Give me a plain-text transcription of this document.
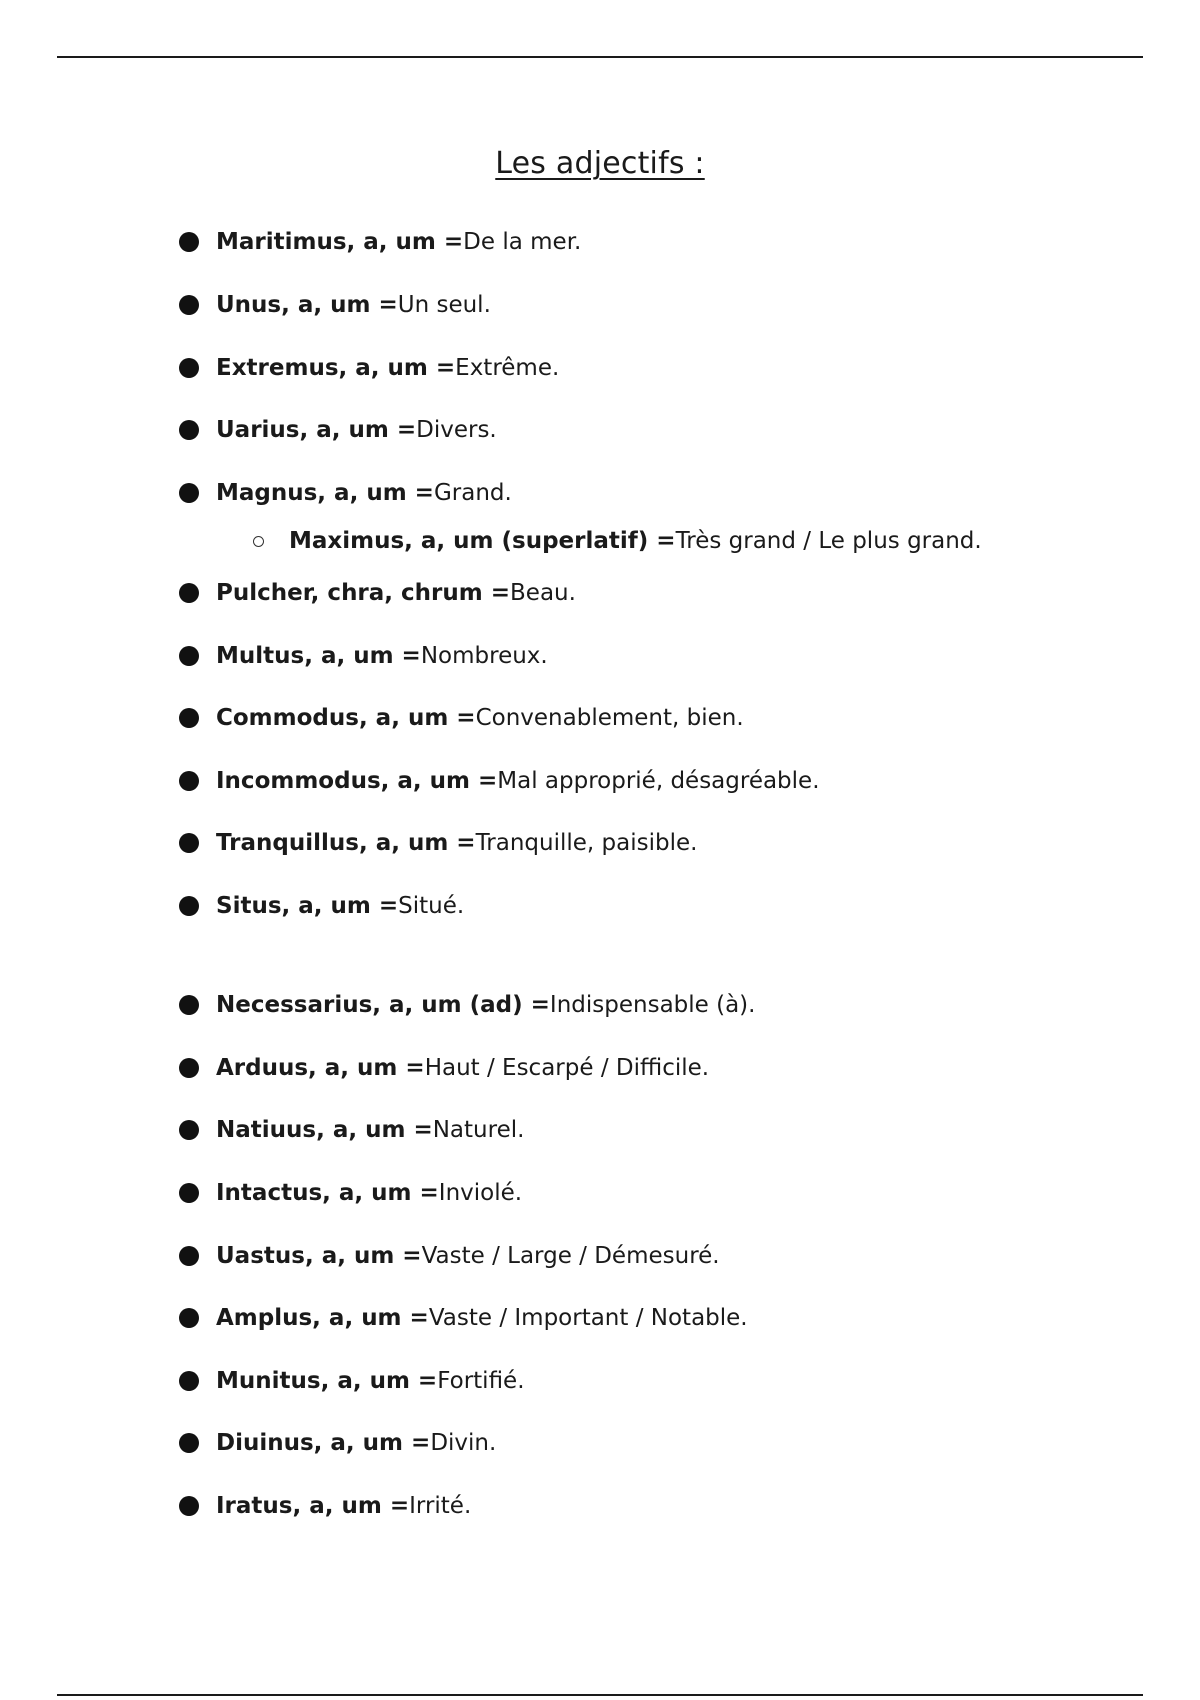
Les adjectifs :
Maritimus, a, um = De la mer.
Unus, a, um = Un seul.
Extremus, a, um = Extrême.
Uarius, a, um = Divers.
Magnus, a, um = Grand.
Maximus, a, um (superlatif) = Très grand / Le plus grand.
Pulcher, chra, chrum = Beau.
Multus, a, um = Nombreux.
Commodus, a, um = Convenablement, bien.
Incommodus, a, um = Mal approprié, désagréable.
Tranquillus, a, um = Tranquille, paisible.
Situs, a, um = Situé.
Necessarius, a, um (ad) = Indispensable (à).
Arduus, a, um = Haut / Escarpé / Difficile.
Natiuus, a, um = Naturel.
Intactus, a, um = Inviolé.
Uastus, a, um = Vaste / Large / Démesuré.
Amplus, a, um = Vaste / Important / Notable.
Munitus, a, um = Fortifié.
Diuinus, a, um = Divin.
Iratus, a, um = Irrité.
